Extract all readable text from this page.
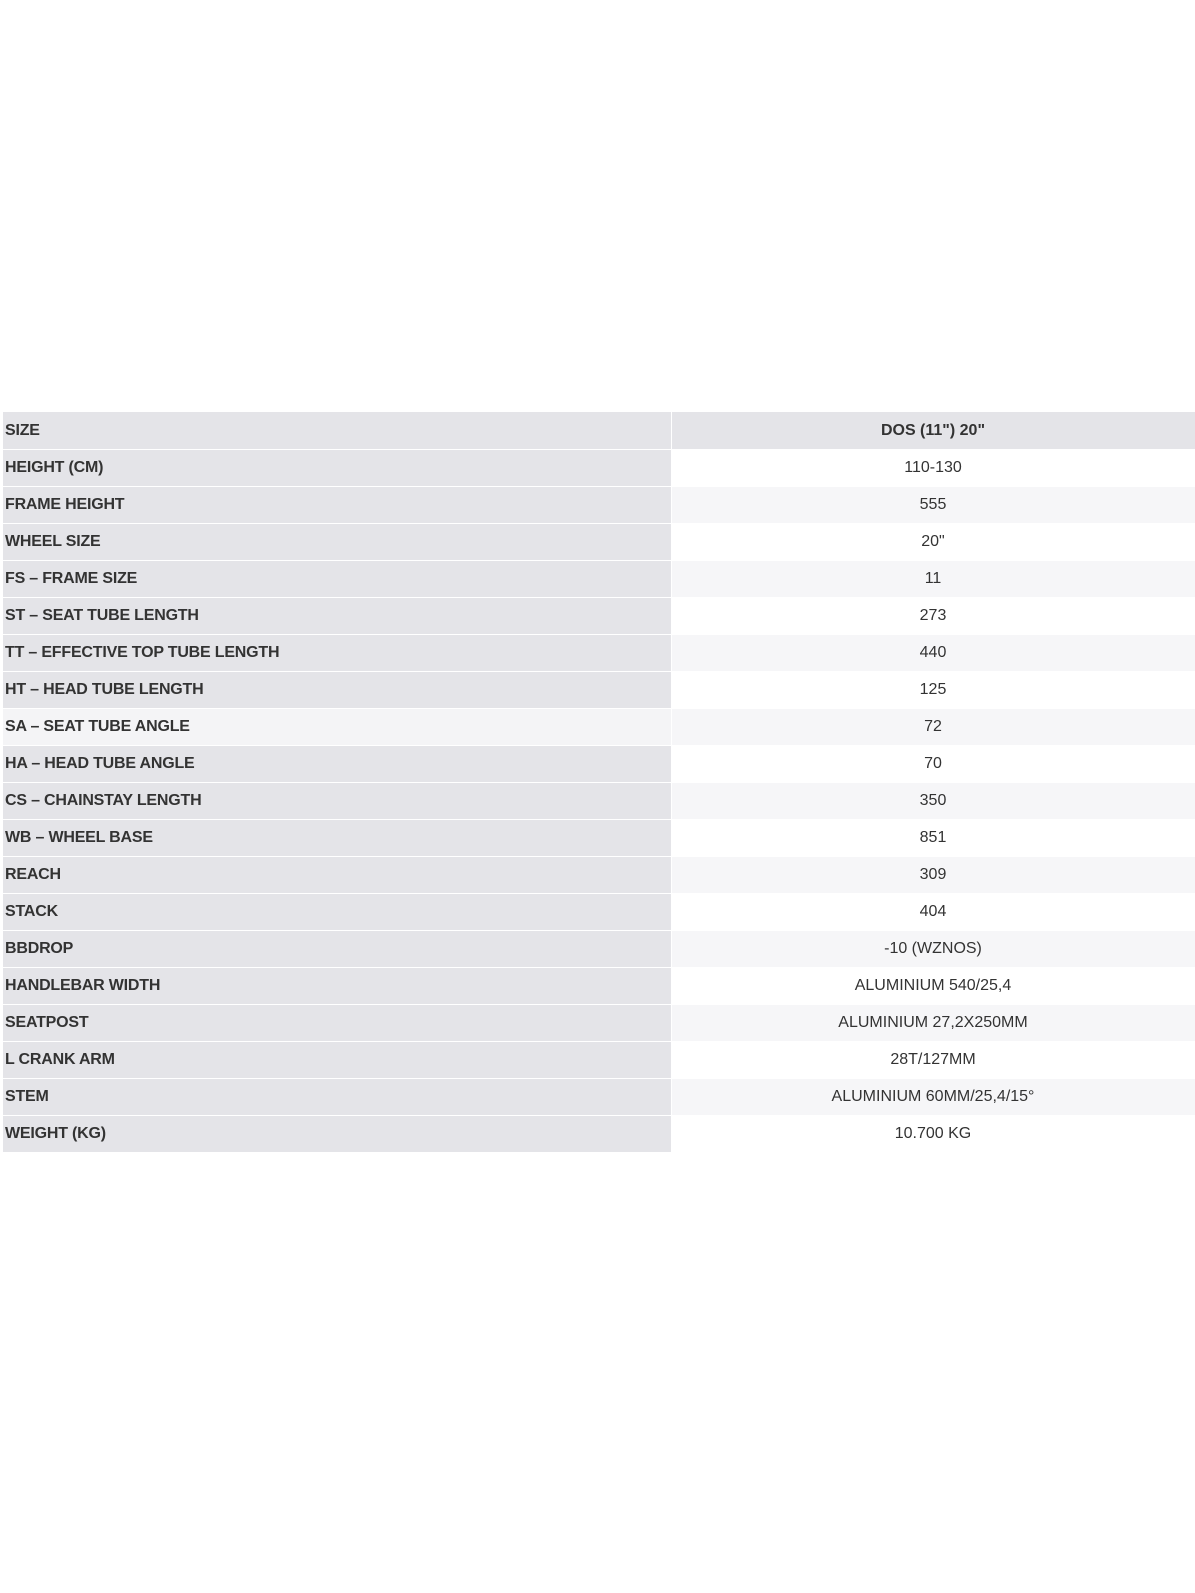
SIZE	DOS (11") 20"
HEIGHT (CM)	110-130
FRAME HEIGHT	555
WHEEL SIZE	20"
FS – FRAME SIZE	11
ST – SEAT TUBE LENGTH	273
TT – EFFECTIVE TOP TUBE LENGTH	440
HT – HEAD TUBE LENGTH	125
SA – SEAT TUBE ANGLE	72
HA – HEAD TUBE ANGLE	70
CS – CHAINSTAY LENGTH	350
WB – WHEEL BASE	851
REACH	309
STACK	404
BBDROP	-10 (WZNOS)
HANDLEBAR WIDTH	ALUMINIUM 540/25,4
SEATPOST	ALUMINIUM 27,2X250MM
L CRANK ARM	28T/127MM
STEM	ALUMINIUM 60MM/25,4/15°
WEIGHT (KG)	10.700 KG
